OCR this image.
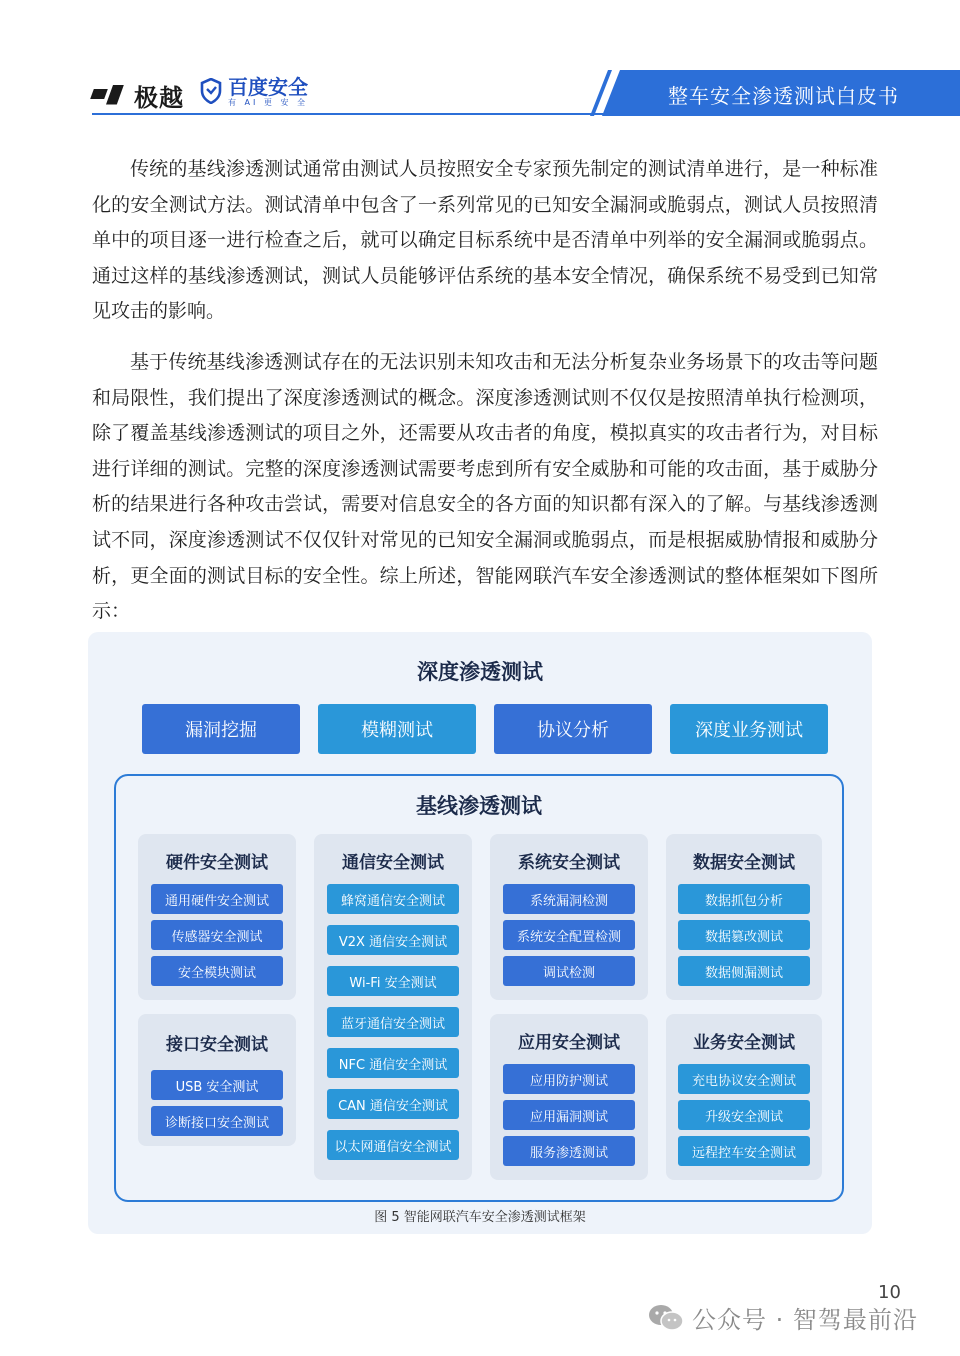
极越 百度安全
有 AI 更 安 全	整车安全渗透测试白皮书

传统的基线渗透测试通常由测试人员按照安全专家预先制定的测试清单进行，是一种标准化的安全测试方法。测试清单中包含了一系列常见的已知安全漏洞或脆弱点，测试人员按照清单中的项目逐一进行检查之后，就可以确定目标系统中是否清单中列举的安全漏洞或脆弱点。通过这样的基线渗透测试，测试人员能够评估系统的基本安全情况，确保系统不易受到已知常见攻击的影响。

基于传统基线渗透测试存在的无法识别未知攻击和无法分析复杂业务场景下的攻击等问题和局限性，我们提出了深度渗透测试的概念。深度渗透测试则不仅仅是按照清单执行检测项，除了覆盖基线渗透测试的项目之外，还需要从攻击者的角度，模拟真实的攻击者行为，对目标进行详细的测试。完整的深度渗透测试需要考虑到所有安全威胁和可能的攻击面，基于威胁分析的结果进行各种攻击尝试，需要对信息安全的各方面的知识都有深入的了解。与基线渗透测试不同，深度渗透测试不仅仅针对常见的已知安全漏洞或脆弱点，而是根据威胁情报和威胁分析，更全面的测试目标的安全性。综上所述，智能网联汽车安全渗透测试的整体框架如下图所示：

深度渗透测试
漏洞挖掘	模糊测试	协议分析	深度业务测试
基线渗透测试
硬件安全测试
通用硬件安全测试
传感器安全测试
安全模块测试
接口安全测试
USB 安全测试
诊断接口安全测试
通信安全测试
蜂窝通信安全测试
V2X 通信安全测试
Wi-Fi 安全测试
蓝牙通信安全测试
NFC 通信安全测试
CAN 通信安全测试
以太网通信安全测试
系统安全测试
系统漏洞检测
系统安全配置检测
调试检测
应用安全测试
应用防护测试
应用漏洞测试
服务渗透测试
数据安全测试
数据抓包分析
数据篡改测试
数据侧漏测试
业务安全测试
充电协议安全测试
升级安全测试
远程控车安全测试
图 5 智能网联汽车安全渗透测试框架
10
公众号 · 智驾最前沿
